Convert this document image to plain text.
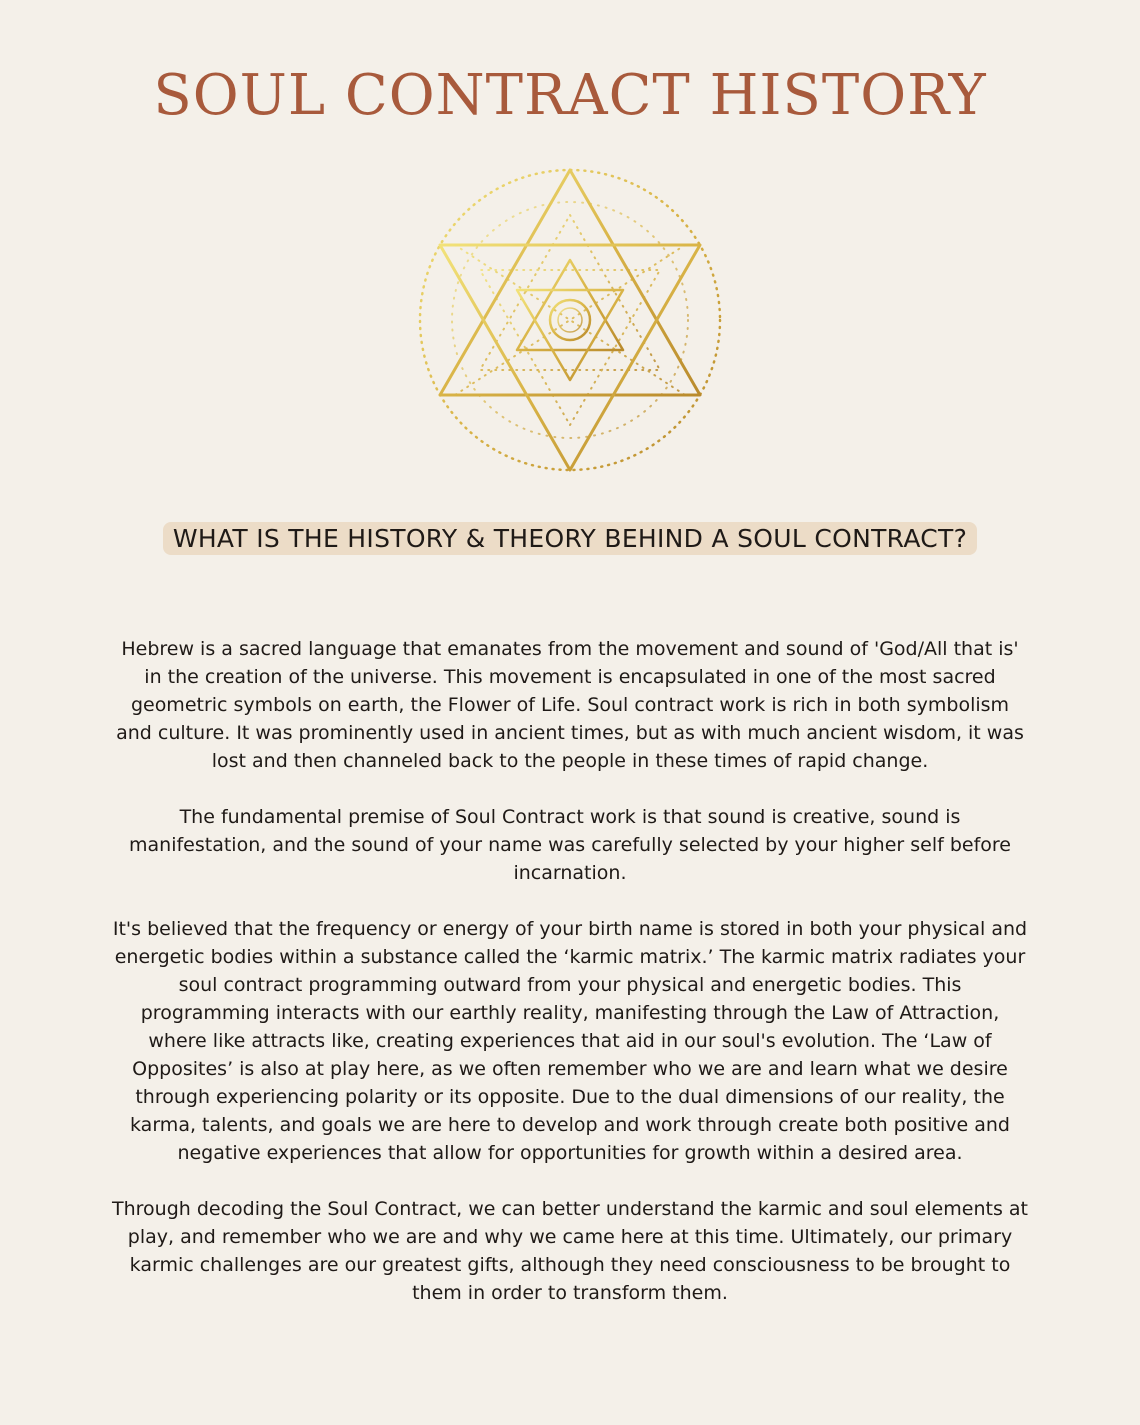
SOUL CONTRACT HISTORY
WHAT IS THE HISTORY & THEORY BEHIND A SOUL CONTRACT?

Hebrew is a sacred language that emanates from the movement and sound of 'God/All that is' in the creation of the universe. This movement is encapsulated in one of the most sacred geometric symbols on earth, the Flower of Life. Soul contract work is rich in both symbolism and culture. It was prominently used in ancient times, but as with much ancient wisdom, it was lost and then channeled back to the people in these times of rapid change.

The fundamental premise of Soul Contract work is that sound is creative, sound is manifestation, and the sound of your name was carefully selected by your higher self before incarnation.

It's believed that the frequency or energy of your birth name is stored in both your physical and energetic bodies within a substance called the ‘karmic matrix.’ The karmic matrix radiates your soul contract programming outward from your physical and energetic bodies. This programming interacts with our earthly reality, manifesting through the Law of Attraction, where like attracts like, creating experiences that aid in our soul's evolution. The ‘Law of Opposites’ is also at play here, as we often remember who we are and learn what we desire through experiencing polarity or its opposite. Due to the dual dimensions of our reality, the karma, talents, and goals we are here to develop and work through create both positive and negative experiences that allow for opportunities for growth within a desired area.

Through decoding the Soul Contract, we can better understand the karmic and soul elements at play, and remember who we are and why we came here at this time. Ultimately, our primary karmic challenges are our greatest gifts, although they need consciousness to be brought to them in order to transform them.
